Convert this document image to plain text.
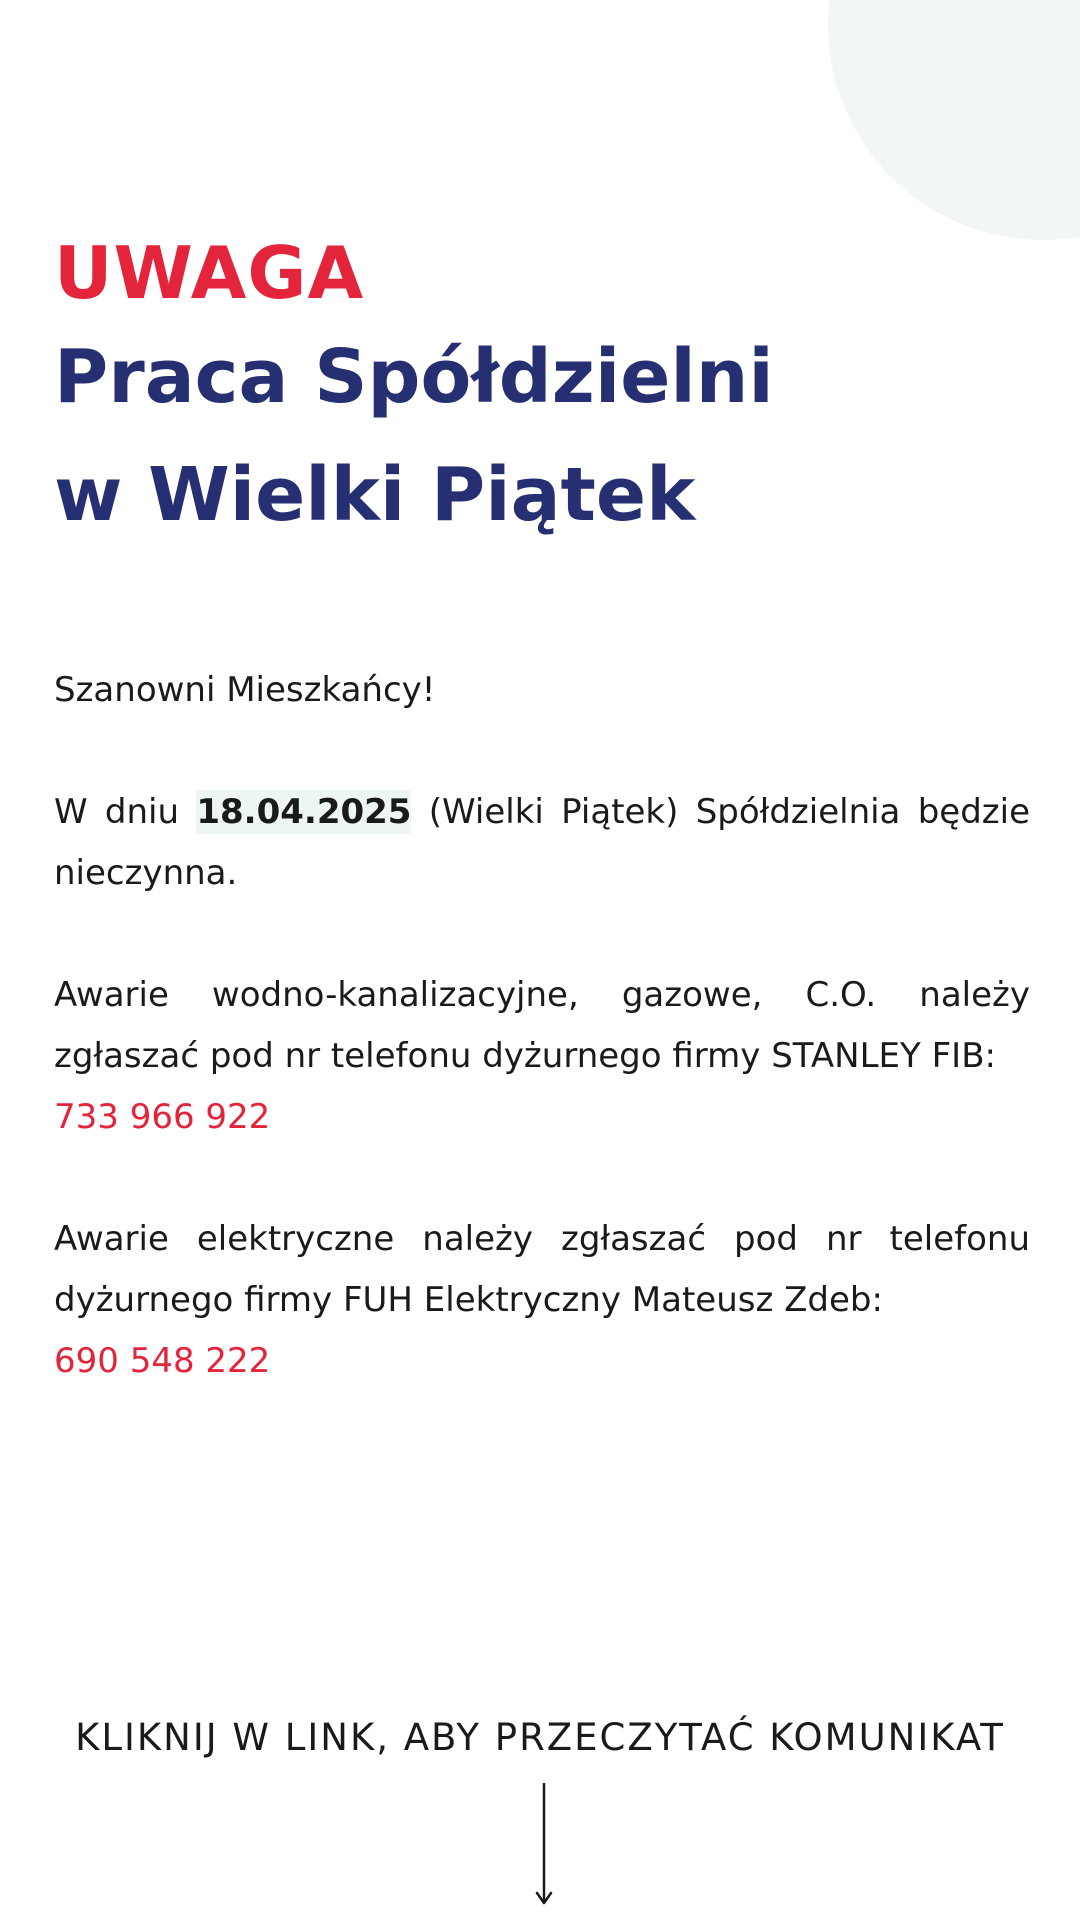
UWAGA
Praca Spółdzielni
w Wielki Piątek

Szanowni Mieszkańcy!

W dniu 18.04.2025 (Wielki Piątek) Spółdzielnia będzie nieczynna.

Awarie wodno-kanalizacyjne, gazowe, C.O. należy zgłaszać pod nr telefonu dyżurnego firmy STANLEY FIB:
733 966 922

Awarie elektryczne należy zgłaszać pod nr telefonu dyżurnego firmy FUH Elektryczny Mateusz Zdeb:
690 548 222

KLIKNIJ W LINK, ABY PRZECZYTAĆ KOMUNIKAT
